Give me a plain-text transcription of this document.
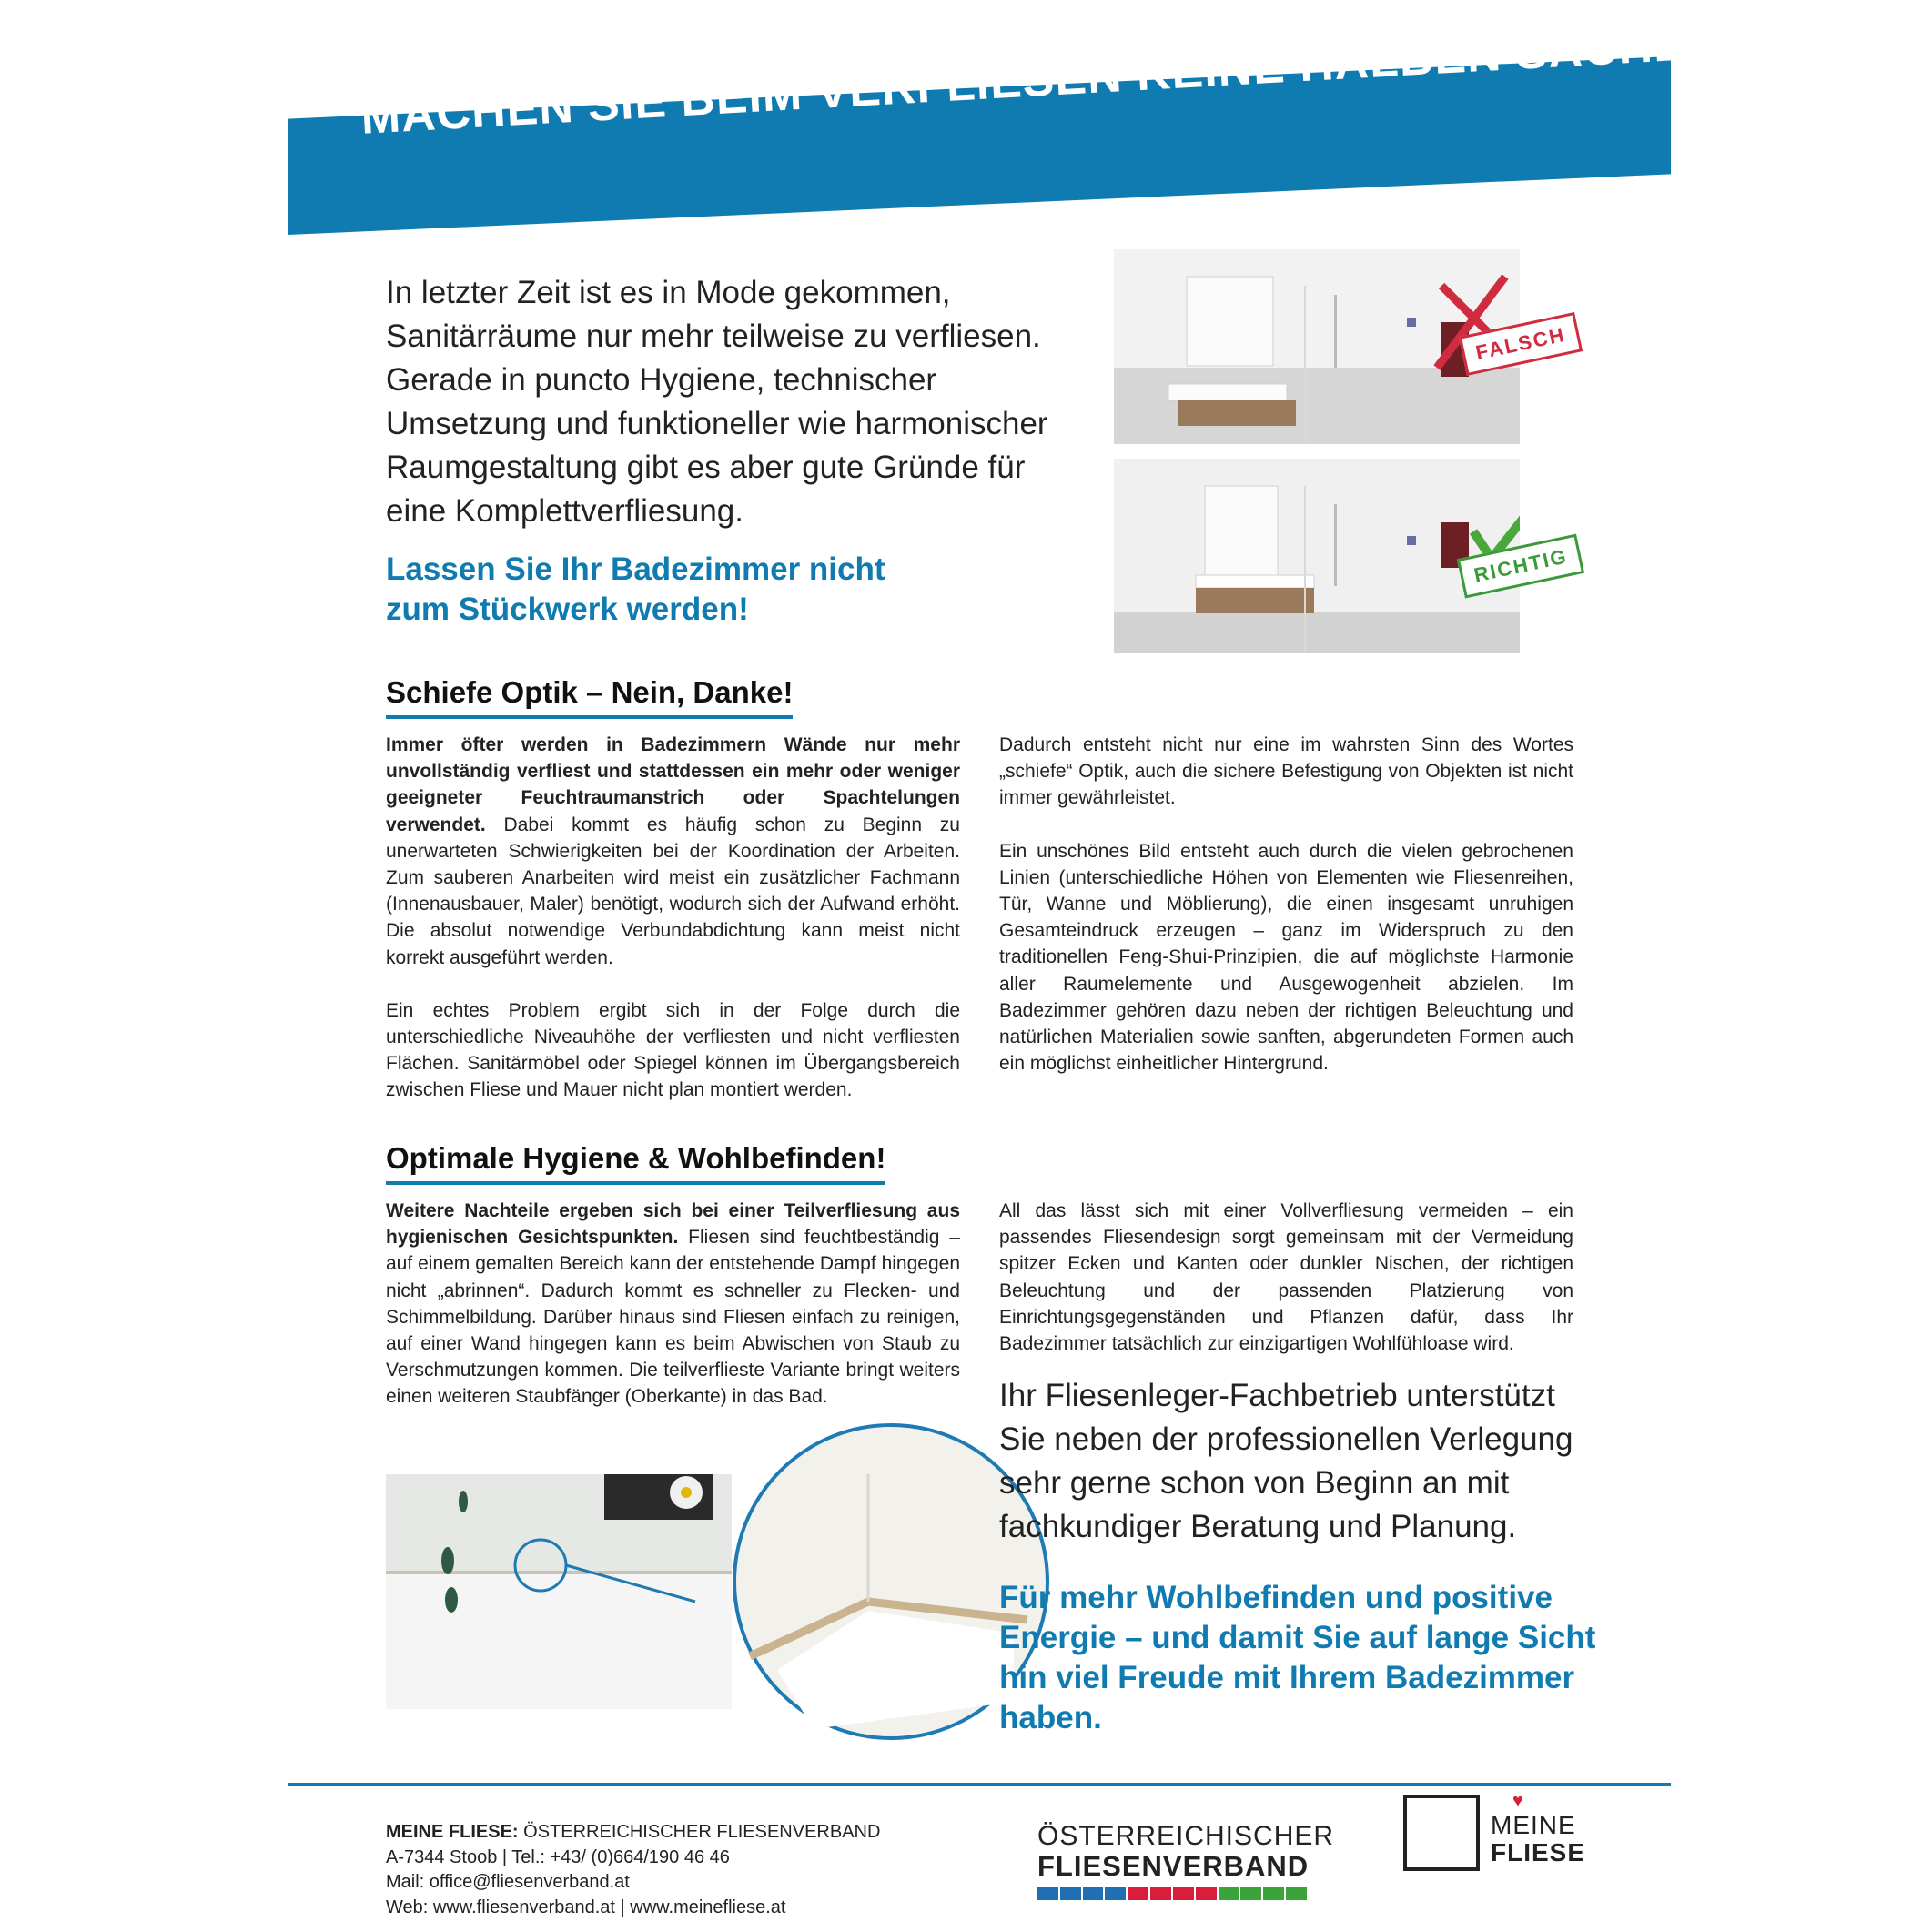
MACHEN SIE BEIM VERFLIESEN KEINE HALBEN SACHEN.
In letzter Zeit ist es in Mode gekommen, Sanitärräume nur mehr teilweise zu verfliesen. Gerade in puncto Hygiene, technischer Umsetzung und funktioneller wie harmonischer Raumgestaltung gibt es aber gute Gründe für eine Komplettverfliesung.
Lassen Sie Ihr Badezimmer nicht
zum Stückwerk werden!
FALSCH
RICHTIG
Schiefe Optik – Nein, Danke!

Immer öfter werden in Badezimmern Wände nur mehr unvollständig verfliest und stattdessen ein mehr oder weniger geeigneter Feuchtraumanstrich oder Spachtelungen verwendet. Dabei kommt es häufig schon zu Beginn zu unerwarteten Schwierigkeiten bei der Koordination der Arbeiten. Zum sauberen Anarbeiten wird meist ein zusätzlicher Fachmann (Innenausbauer, Maler) benötigt, wodurch sich der Aufwand erhöht. Die absolut notwendige Verbundabdichtung kann meist nicht korrekt ausgeführt werden.

Ein echtes Problem ergibt sich in der Folge durch die unterschiedliche Niveauhöhe der verfliesten und nicht verfliesten Flächen. Sanitärmöbel oder Spiegel können im Übergangsbereich zwischen Fliese und Mauer nicht plan montiert werden.

Dadurch entsteht nicht nur eine im wahrsten Sinn des Wortes „schiefe“ Optik, auch die sichere Befestigung von Objekten ist nicht immer gewährleistet.

Ein unschönes Bild entsteht auch durch die vielen gebrochenen Linien (unterschiedliche Höhen von Elementen wie Fliesenreihen, Tür, Wanne und Möblierung), die einen insgesamt unruhigen Gesamteindruck erzeugen – ganz im Widerspruch zu den traditionellen Feng-Shui-Prinzipien, die auf möglichste Harmonie aller Raumelemente und Ausgewogenheit abzielen. Im Badezimmer gehören dazu neben der richtigen Beleuchtung und natürlichen Materialien sowie sanften, abgerundeten Formen auch ein möglichst einheitlicher Hintergrund.

Optimale Hygiene & Wohlbefinden!

Weitere Nachteile ergeben sich bei einer Teilverfliesung aus hygienischen Gesichtspunkten. Fliesen sind feuchtbeständig – auf einem gemalten Bereich kann der entstehende Dampf hingegen nicht „abrinnen“. Dadurch kommt es schneller zu Flecken- und Schimmelbildung. Darüber hinaus sind Fliesen einfach zu reinigen, auf einer Wand hingegen kann es beim Abwischen von Staub zu Verschmutzungen kommen. Die teilverflieste Variante bringt weiters einen weiteren Staubfänger (Oberkante) in das Bad.

All das lässt sich mit einer Vollverfliesung vermeiden – ein passendes Fliesendesign sorgt gemeinsam mit der Vermeidung spitzer Ecken und Kanten oder dunkler Nischen, der richtigen Beleuchtung und der passenden Platzierung von Einrichtungsgegenständen und Pflanzen dafür, dass Ihr Badezimmer tatsächlich zur einzigartigen Wohlfühloase wird.

Ihr Fliesenleger-Fachbetrieb unterstützt Sie neben der professionellen Verlegung sehr gerne schon von Beginn an mit fachkundiger Beratung und Planung.
Für mehr Wohlbefinden und positive Energie – und damit Sie auf lange Sicht hin viel Freude mit Ihrem Badezimmer haben.
MEINE FLIESE: ÖSTERREICHISCHER FLIESENVERBAND
A-7344 Stoob | Tel.: +43/ (0)664/190 46 46
Mail: office@fliesenverband.at
Web: www.fliesenverband.at | www.meinefliese.at
ÖSTERREICHISCHER
FLIESENVERBAND
♥
MEINE
FLIESE
